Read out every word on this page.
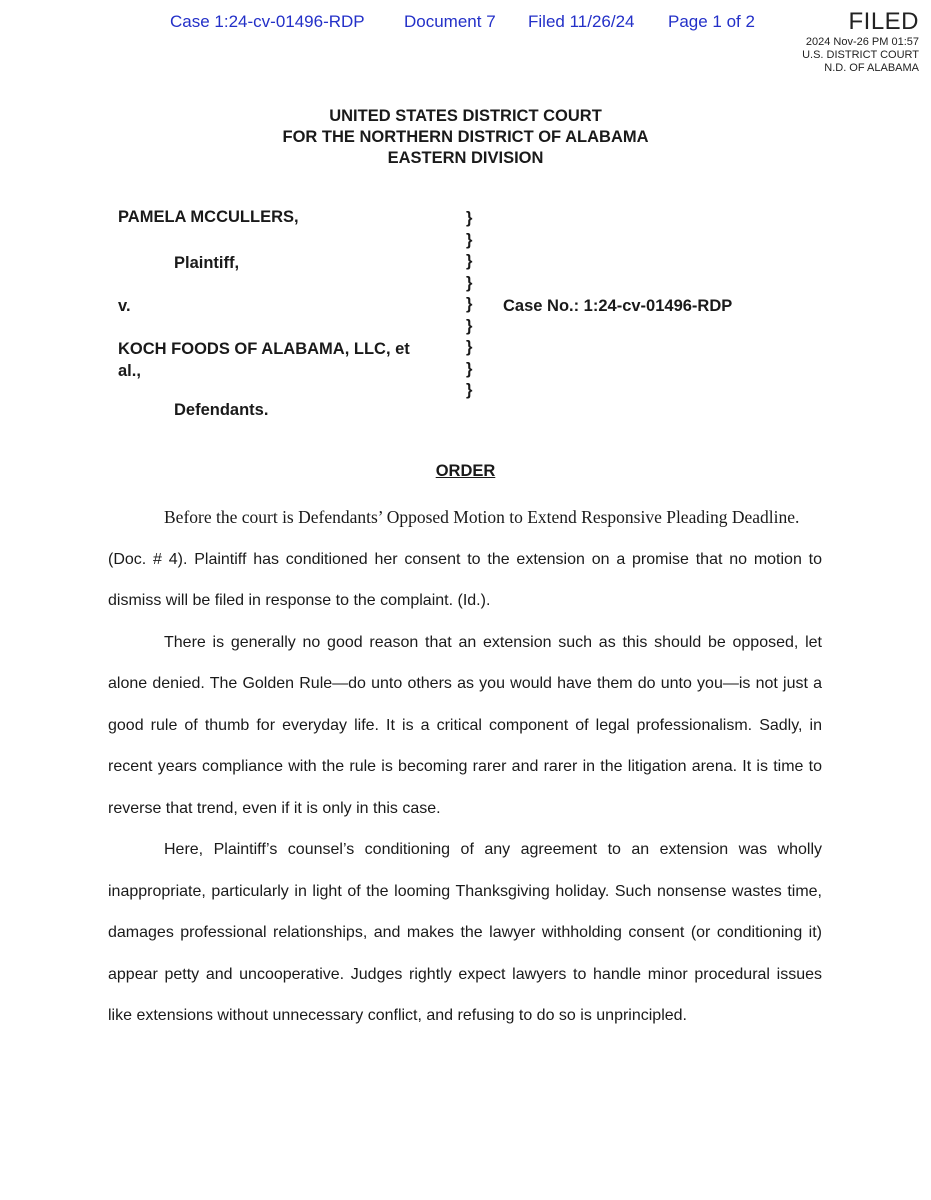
Case 1:24-cv-01496-RDP Document 7 Filed 11/26/24 Page 1 of 2	FILED
2024 Nov-26 PM 01:57
U.S. DISTRICT COURT
N.D. OF ALABAMA
UNITED STATES DISTRICT COURT
FOR THE NORTHERN DISTRICT OF ALABAMA
EASTERN DIVISION
PAMELA MCCULLERS,
Plaintiff,
v.
KOCH FOODS OF ALABAMA, LLC, et
al.,
Defendants.
}
}
}
}
}
}
}
}
}
Case No.: 1:24-cv-01496-RDP
ORDER

Before the court is Defendants’ Opposed Motion to Extend Responsive Pleading Deadline.

(Doc. # 4). Plaintiff has conditioned her consent to the extension on a promise that no motion to dismiss will be filed in response to the complaint. (Id.).

There is generally no good reason that an extension such as this should be opposed, let alone denied. The Golden Rule—do unto others as you would have them do unto you—is not just a good rule of thumb for everyday life. It is a critical component of legal professionalism. Sadly, in recent years compliance with the rule is becoming rarer and rarer in the litigation arena. It is time to reverse that trend, even if it is only in this case.

Here, Plaintiff’s counsel’s conditioning of any agreement to an extension was wholly inappropriate, particularly in light of the looming Thanksgiving holiday. Such nonsense wastes time, damages professional relationships, and makes the lawyer withholding consent (or conditioning it) appear petty and uncooperative. Judges rightly expect lawyers to handle minor procedural issues like extensions without unnecessary conflict, and refusing to do so is unprincipled.
